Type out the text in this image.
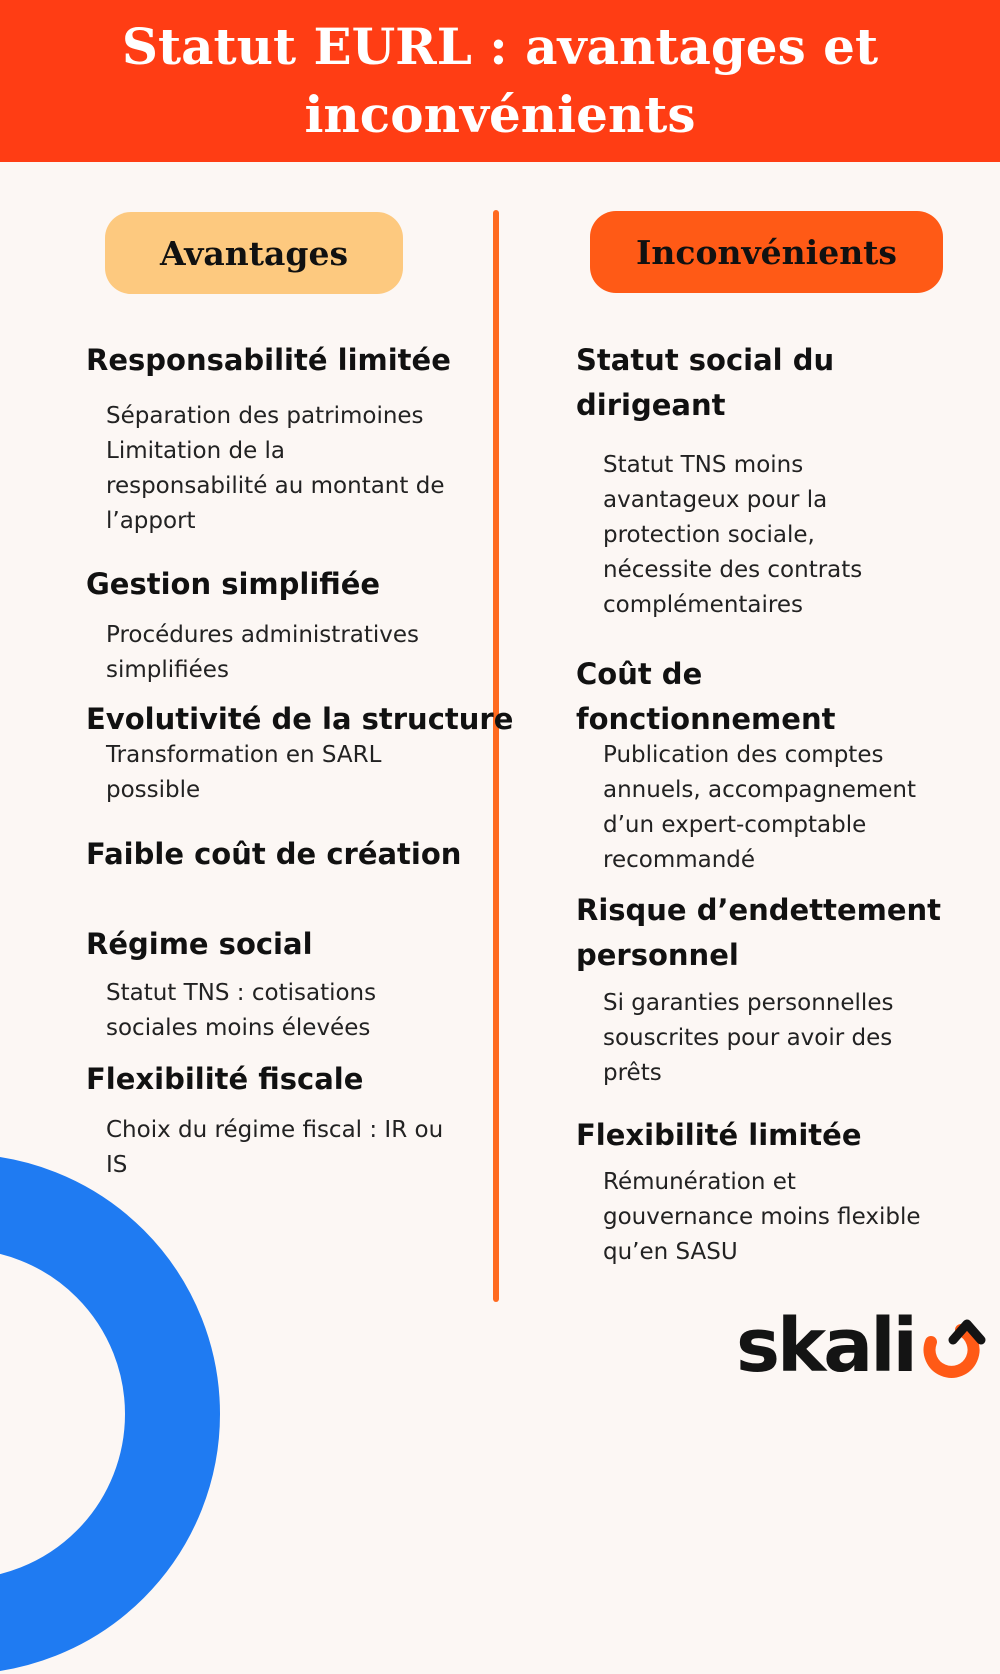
Statut EURL : avantages et inconvénients
Avantages	Inconvénients
Responsabilité limitée

Séparation des patrimoines Limitation de la responsabilité au montant de l’apport

Gestion simplifiée

Procédures administratives simplifiées

Evolutivité de la structure

Transformation en SARL possible

Faible coût de création
Régime social

Statut TNS : cotisations sociales moins élevées

Flexibilité fiscale

Choix du régime fiscal : IR ou IS

Statut social du dirigeant

Statut TNS moins avantageux pour la protection sociale, nécessite des contrats complémentaires

Coût de fonctionnement

Publication des comptes annuels, accompagnement d’un expert-comptable recommandé

Risque d’endettement personnel

Si garanties personnelles souscrites pour avoir des prêts

Flexibilité limitée

Rémunération et gouvernance moins flexible qu’en SASU

skali
